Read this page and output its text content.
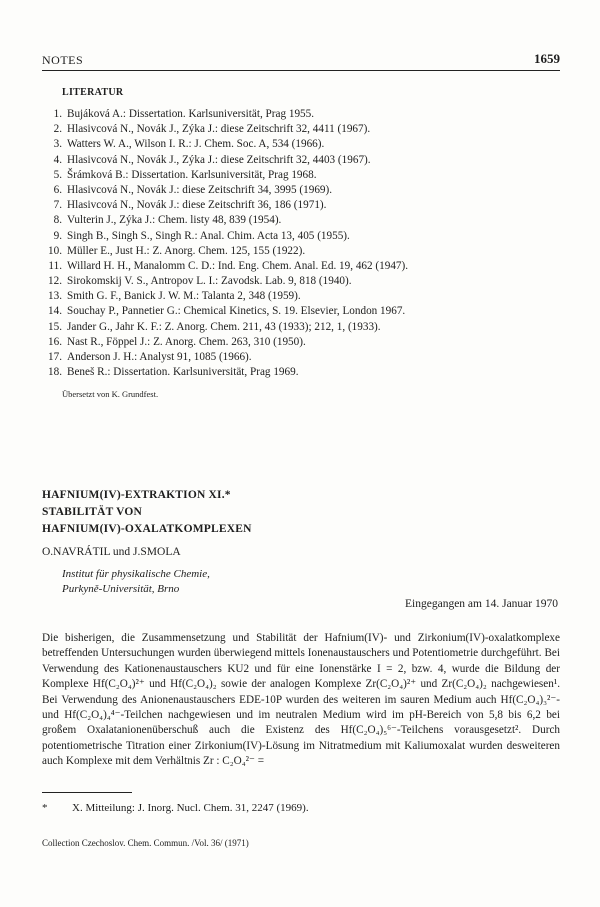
NOTES	1659
LITERATUR
1. Bujáková A.: Dissertation. Karlsuniversität, Prag 1955.
2. Hlasivcová N., Novák J., Zýka J.: diese Zeitschrift 32, 4411 (1967).
3. Watters W. A., Wilson I. R.: J. Chem. Soc. A, 534 (1966).
4. Hlasivcová N., Novák J., Zýka J.: diese Zeitschrift 32, 4403 (1967).
5. Šrámková B.: Dissertation. Karlsuniversität, Prag 1968.
6. Hlasivcová N., Novák J.: diese Zeitschrift 34, 3995 (1969).
7. Hlasivcová N., Novák J.: diese Zeitschrift 36, 186 (1971).
8. Vulterin J., Zýka J.: Chem. listy 48, 839 (1954).
9. Singh B., Singh S., Singh R.: Anal. Chim. Acta 13, 405 (1955).
10. Müller E., Just H.: Z. Anorg. Chem. 125, 155 (1922).
11. Willard H. H., Manalomm C. D.: Ind. Eng. Chem. Anal. Ed. 19, 462 (1947).
12. Sirokomskij V. S., Antropov L. I.: Zavodsk. Lab. 9, 818 (1940).
13. Smith G. F., Banick J. W. M.: Talanta 2, 348 (1959).
14. Souchay P., Pannetier G.: Chemical Kinetics, S. 19. Elsevier, London 1967.
15. Jander G., Jahr K. F.: Z. Anorg. Chem. 211, 43 (1933); 212, 1, (1933).
16. Nast R., Föppel J.: Z. Anorg. Chem. 263, 310 (1950).
17. Anderson J. H.: Analyst 91, 1085 (1966).
18. Beneš R.: Dissertation. Karlsuniversität, Prag 1969.
Übersetzt von K. Grundfest.
HAFNIUM(IV)-EXTRAKTION XI.*
STABILITÄT VON
HAFNIUM(IV)-OXALATKOMPLEXEN
O.NAVRÁTIL und J.SMOLA
Institut für physikalische Chemie,
Purkyně-Universität, Brno
Eingegangen am 14. Januar 1970

Die bisherigen, die Zusammensetzung und Stabilität der Hafnium(IV)- und Zirkonium(IV)-oxalatkomplexe betreffenden Untersuchungen wurden überwiegend mittels Ionenaustauschers und Potentiometrie durchgeführt. Bei Verwendung des Kationenaustauschers KU2 und für eine Ionenstärke I = 2, bzw. 4, wurde die Bildung der Komplexe Hf(C₂O₄)²⁺ und Hf(C₂O₄)₂ sowie der analogen Komplexe Zr(C₂O₄)²⁺ und Zr(C₂O₄)₂ nachgewiesen¹. Bei Verwendung des Anionenaustauschers EDE-10P wurden des weiteren im sauren Medium auch Hf(C₂O₄)₃²⁻- und Hf(C₂O₄)₄⁴⁻-Teilchen nachgewiesen und im neutralen Medium wird im pH-Bereich von 5,8 bis 6,2 bei großem Oxalatanionenüberschuß auch die Existenz des Hf(C₂O₄)₅⁶⁻-Teilchens vorausgesetzt². Durch potentiometrische Titration einer Zirkonium(IV)-Lösung im Nitratmedium mit Kaliumoxalat wurden desweiteren auch Komplexe mit dem Verhältnis Zr : C₂O₄²⁻ =

* X. Mitteilung: J. Inorg. Nucl. Chem. 31, 2247 (1969).
Collection Czechoslov. Chem. Commun. /Vol. 36/ (1971)
